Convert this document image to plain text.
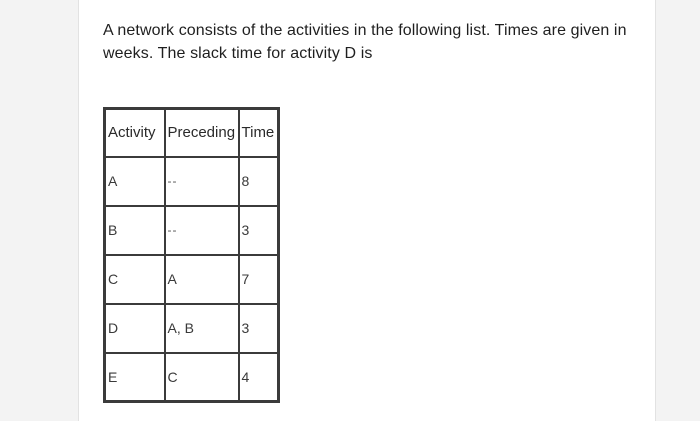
A network consists of the activities in the following list. Times are given in weeks. The slack time for activity D is

Activity	Preceding	Time
A	--	8
B	--	3
C	A	7
D	A, B	3
E	C	4
